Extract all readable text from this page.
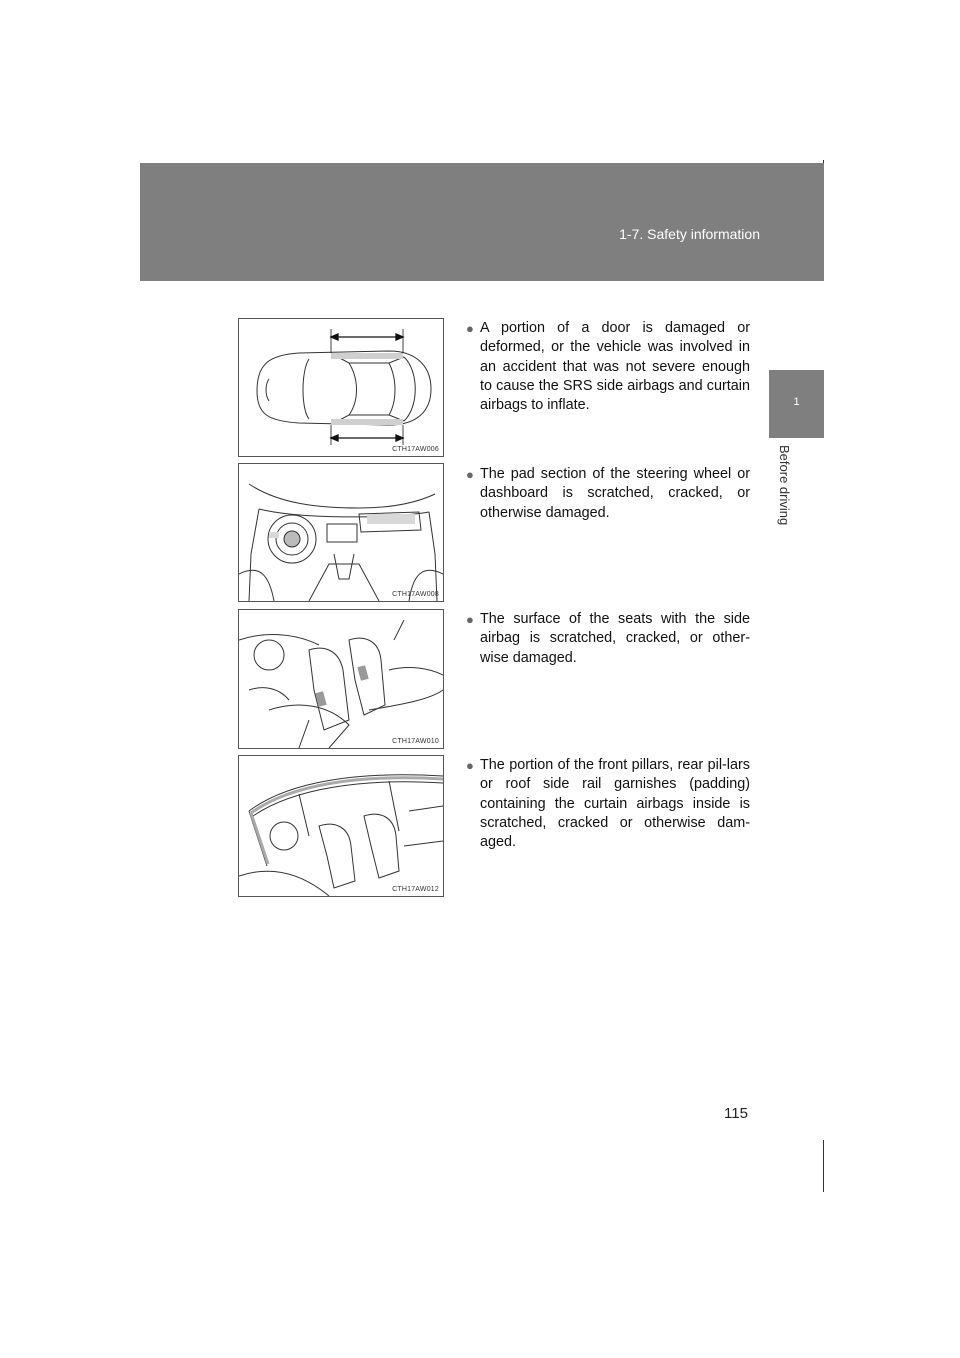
1-7. Safety information
1
Before driving
CTH17AW006
CTH17AW008
CTH17AW010
CTH17AW012
● A portion of a door is damaged or deformed, or the vehicle was involved in an accident that was not severe enough to cause the SRS side airbags and curtain airbags to inflate.
● The pad section of the steering wheel or dashboard is scratched, cracked, or otherwise damaged.
● The surface of the seats with the side airbag is scratched, cracked, or other-wise damaged.
● The portion of the front pillars, rear pil-lars or roof side rail garnishes (padding) containing the curtain airbags inside is scratched, cracked or otherwise dam-aged.
115
